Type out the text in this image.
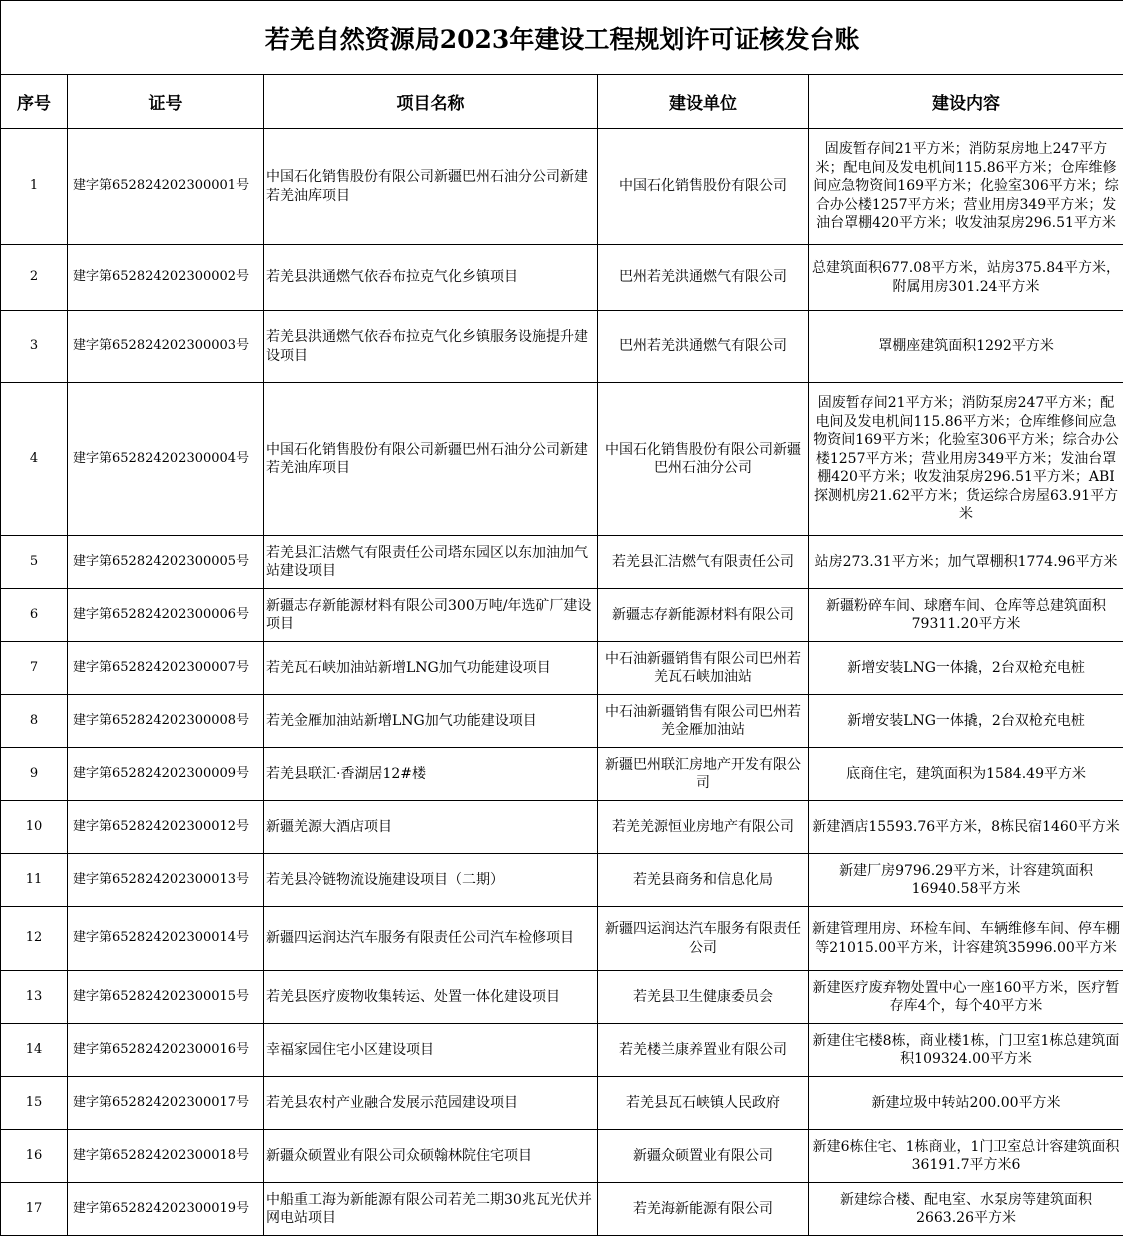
若羌自然资源局2023年建设工程规划许可证核发台账				
序号	证号	项目名称	建设单位	建设内容
1	建字第652824202300001号	中国石化销售股份有限公司新疆巴州石油分公司新建若羌油库项目	中国石化销售股份有限公司	固废暂存间21平方米；消防泵房地上247平方米；配电间及发电机间115.86平方米；仓库维修间应急物资间169平方米；化验室306平方米；综合办公楼1257平方米；营业用房349平方米；发油台罩棚420平方米；收发油泵房296.51平方米
2	建字第652824202300002号	若羌县洪通燃气依吞布拉克气化乡镇项目	巴州若羌洪通燃气有限公司	总建筑面积677.08平方米，站房375.84平方米，附属用房301.24平方米
3	建字第652824202300003号	若羌县洪通燃气依吞布拉克气化乡镇服务设施提升建设项目	巴州若羌洪通燃气有限公司	罩棚座建筑面积1292平方米
4	建字第652824202300004号	中国石化销售股份有限公司新疆巴州石油分公司新建若羌油库项目	中国石化销售股份有限公司新疆巴州石油分公司	固废暂存间21平方米；消防泵房247平方米；配电间及发电机间115.86平方米；仓库维修间应急物资间169平方米；化验室306平方米；综合办公楼1257平方米；营业用房349平方米；发油台罩棚420平方米；收发油泵房296.51平方米；ABI探测机房21.62平方米；货运综合房屋63.91平方米
5	建字第652824202300005号	若羌县汇洁燃气有限责任公司塔东园区以东加油加气站建设项目	若羌县汇洁燃气有限责任公司	站房273.31平方米；加气罩棚积1774.96平方米
6	建字第652824202300006号	新疆志存新能源材料有限公司300万吨/年选矿厂建设项目	新疆志存新能源材料有限公司	新疆粉碎车间、球磨车间、仓库等总建筑面积79311.20平方米
7	建字第652824202300007号	若羌瓦石峡加油站新增LNG加气功能建设项目	中石油新疆销售有限公司巴州若羌瓦石峡加油站	新增安装LNG一体撬，2台双枪充电桩
8	建字第652824202300008号	若羌金雁加油站新增LNG加气功能建设项目	中石油新疆销售有限公司巴州若羌金雁加油站	新增安装LNG一体撬，2台双枪充电桩
9	建字第652824202300009号	若羌县联汇·香湖居12#楼	新疆巴州联汇房地产开发有限公司	底商住宅，建筑面积为1584.49平方米
10	建字第652824202300012号	新疆羌源大酒店项目	若羌羌源恒业房地产有限公司	新建酒店15593.76平方米，8栋民宿1460平方米
11	建字第652824202300013号	若羌县冷链物流设施建设项目（二期）	若羌县商务和信息化局	新建厂房9796.29平方米，计容建筑面积16940.58平方米
12	建字第652824202300014号	新疆四运润达汽车服务有限责任公司汽车检修项目	新疆四运润达汽车服务有限责任公司	新建管理用房、环检车间、车辆维修车间、停车棚等21015.00平方米，计容建筑35996.00平方米
13	建字第652824202300015号	若羌县医疗废物收集转运、处置一体化建设项目	若羌县卫生健康委员会	新建医疗废弃物处置中心一座160平方米，医疗暂存库4个，每个40平方米
14	建字第652824202300016号	幸福家园住宅小区建设项目	若羌楼兰康养置业有限公司	新建住宅楼8栋，商业楼1栋，门卫室1栋总建筑面积109324.00平方米
15	建字第652824202300017号	若羌县农村产业融合发展示范园建设项目	若羌县瓦石峡镇人民政府	新建垃圾中转站200.00平方米
16	建字第652824202300018号	新疆众硕置业有限公司众硕翰林院住宅项目	新疆众硕置业有限公司	新建6栋住宅、1栋商业，1门卫室总计容建筑面积36191.7平方米6
17	建字第652824202300019号	中船重工海为新能源有限公司若羌二期30兆瓦光伏并网电站项目	若羌海新能源有限公司	新建综合楼、配电室、水泵房等建筑面积2663.26平方米
